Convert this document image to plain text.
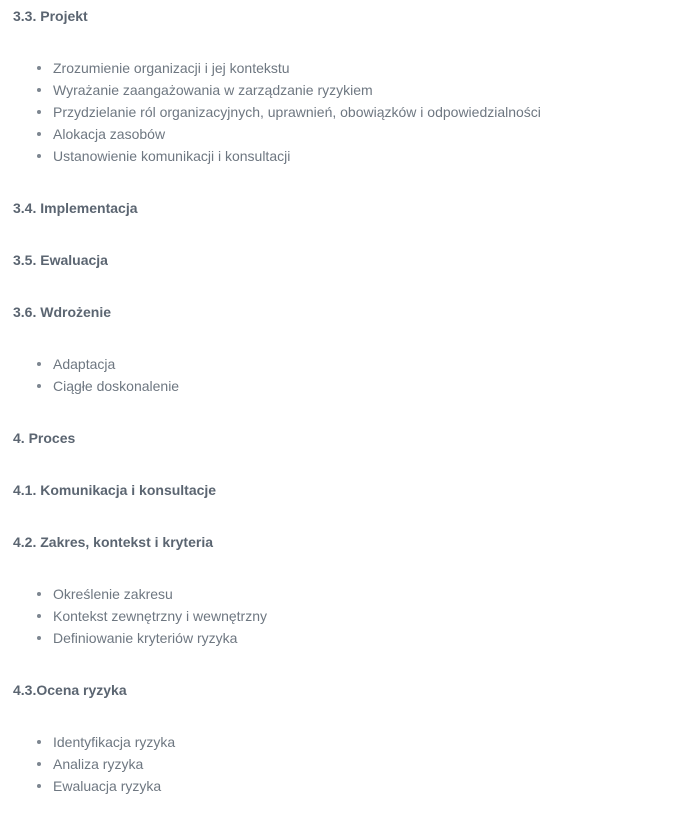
3.3. Projekt
Zrozumienie organizacji i jej kontekstu
Wyrażanie zaangażowania w zarządzanie ryzykiem
Przydzielanie ról organizacyjnych, uprawnień, obowiązków i odpowiedzialności
Alokacja zasobów
Ustanowienie komunikacji i konsultacji
3.4. Implementacja
3.5. Ewaluacja
3.6. Wdrożenie
Adaptacja
Ciągłe doskonalenie
4. Proces
4.1. Komunikacja i konsultacje
4.2. Zakres, kontekst i kryteria
Określenie zakresu
Kontekst zewnętrzny i wewnętrzny
Definiowanie kryteriów ryzyka
4.3.Ocena ryzyka
Identyfikacja ryzyka
Analiza ryzyka
Ewaluacja ryzyka
